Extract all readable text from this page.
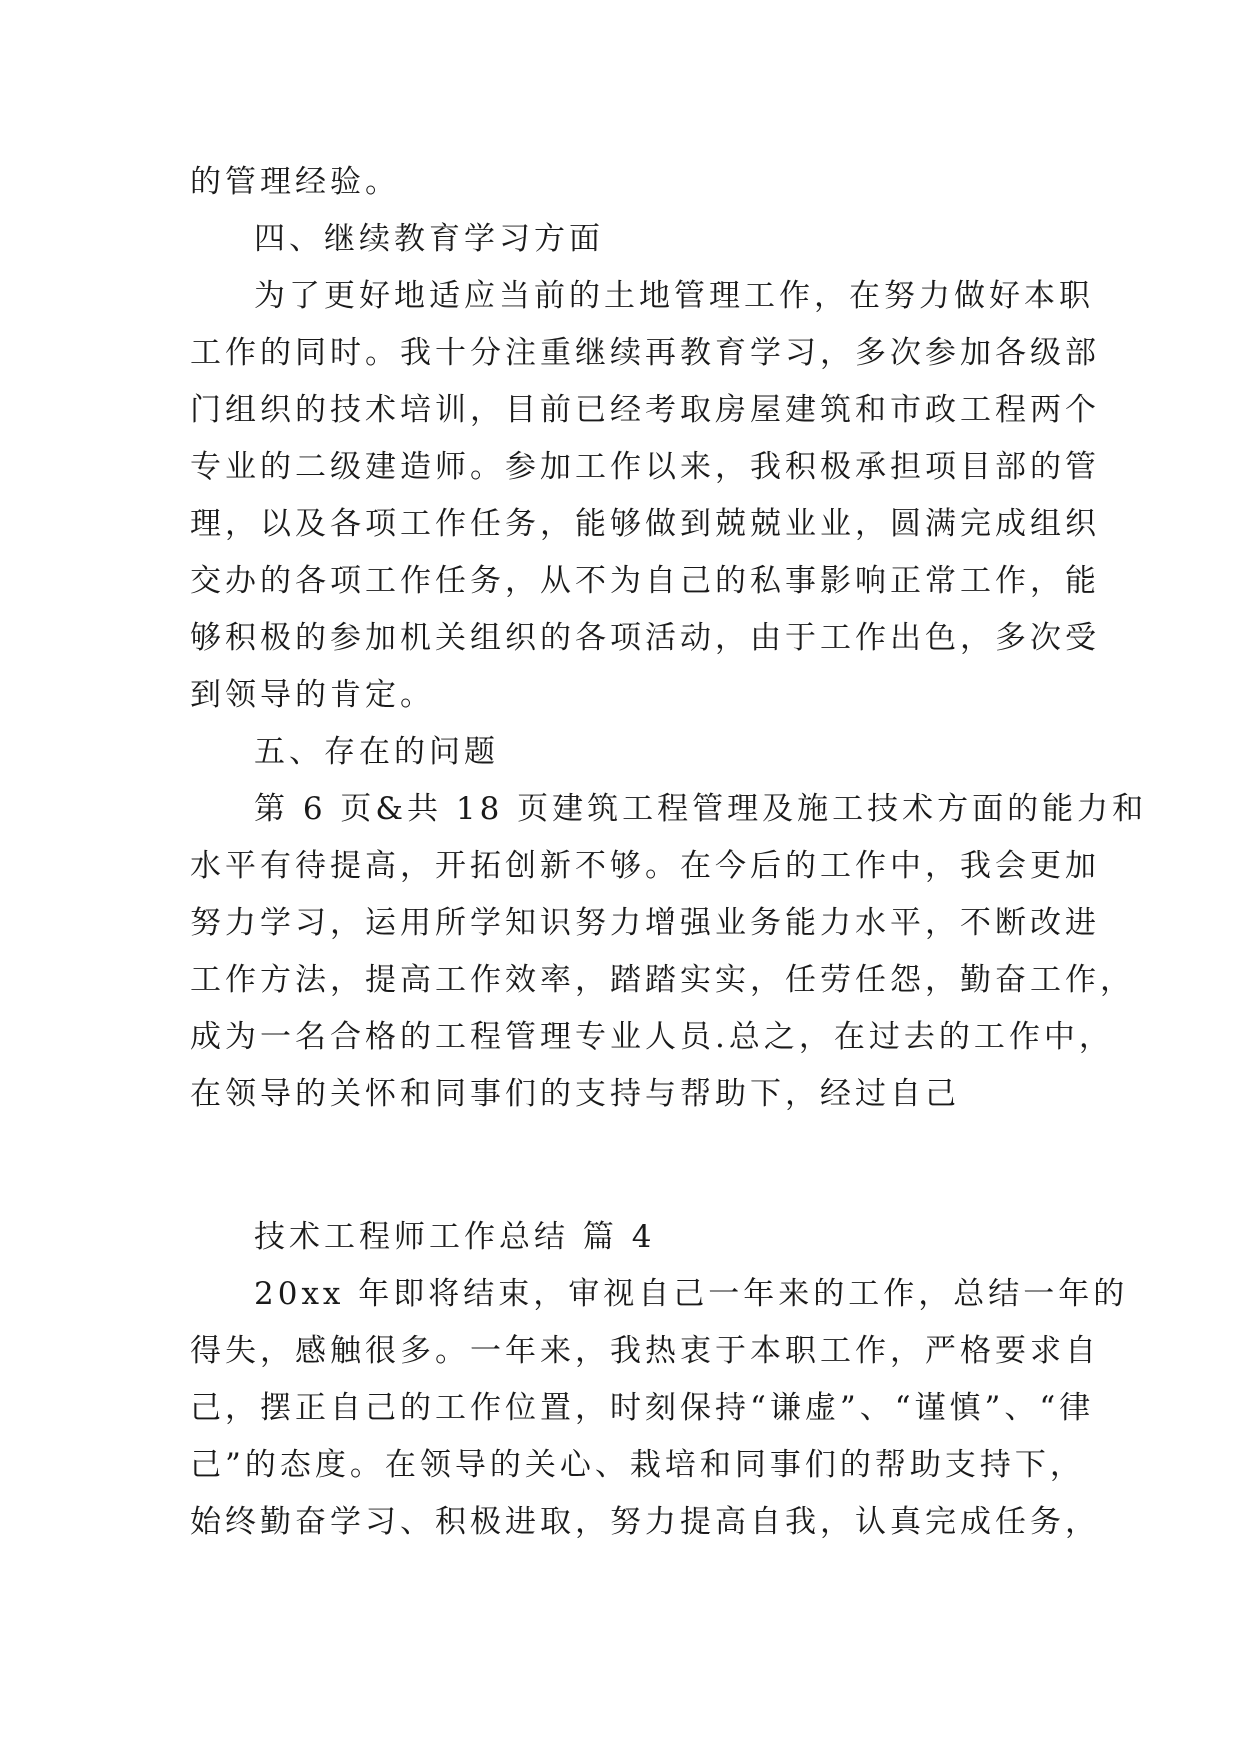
的管理经验。
四、继续教育学习方面
为了更好地适应当前的土地管理工作，在努力做好本职
工作的同时。我十分注重继续再教育学习，多次参加各级部
门组织的技术培训，目前已经考取房屋建筑和市政工程两个
专业的二级建造师。参加工作以来，我积极承担项目部的管
理，以及各项工作任务，能够做到兢兢业业，圆满完成组织
交办的各项工作任务，从不为自己的私事影响正常工作，能
够积极的参加机关组织的各项活动，由于工作出色，多次受
到领导的肯定。
五、存在的问题
第 6 页&共 18 页建筑工程管理及施工技术方面的能力和
水平有待提高，开拓创新不够。在今后的工作中，我会更加
努力学习，运用所学知识努力增强业务能力水平，不断改进
工作方法，提高工作效率，踏踏实实，任劳任怨，勤奋工作，
成为一名合格的工程管理专业人员.总之，在过去的工作中，
在领导的关怀和同事们的支持与帮助下，经过自己
技术工程师工作总结 篇 4
20xx 年即将结束，审视自己一年来的工作，总结一年的
得失，感触很多。一年来，我热衷于本职工作，严格要求自
己，摆正自己的工作位置，时刻保持“谦虚”、“谨慎”、“律
己”的态度。在领导的关心、栽培和同事们的帮助支持下，
始终勤奋学习、积极进取，努力提高自我，认真完成任务，
